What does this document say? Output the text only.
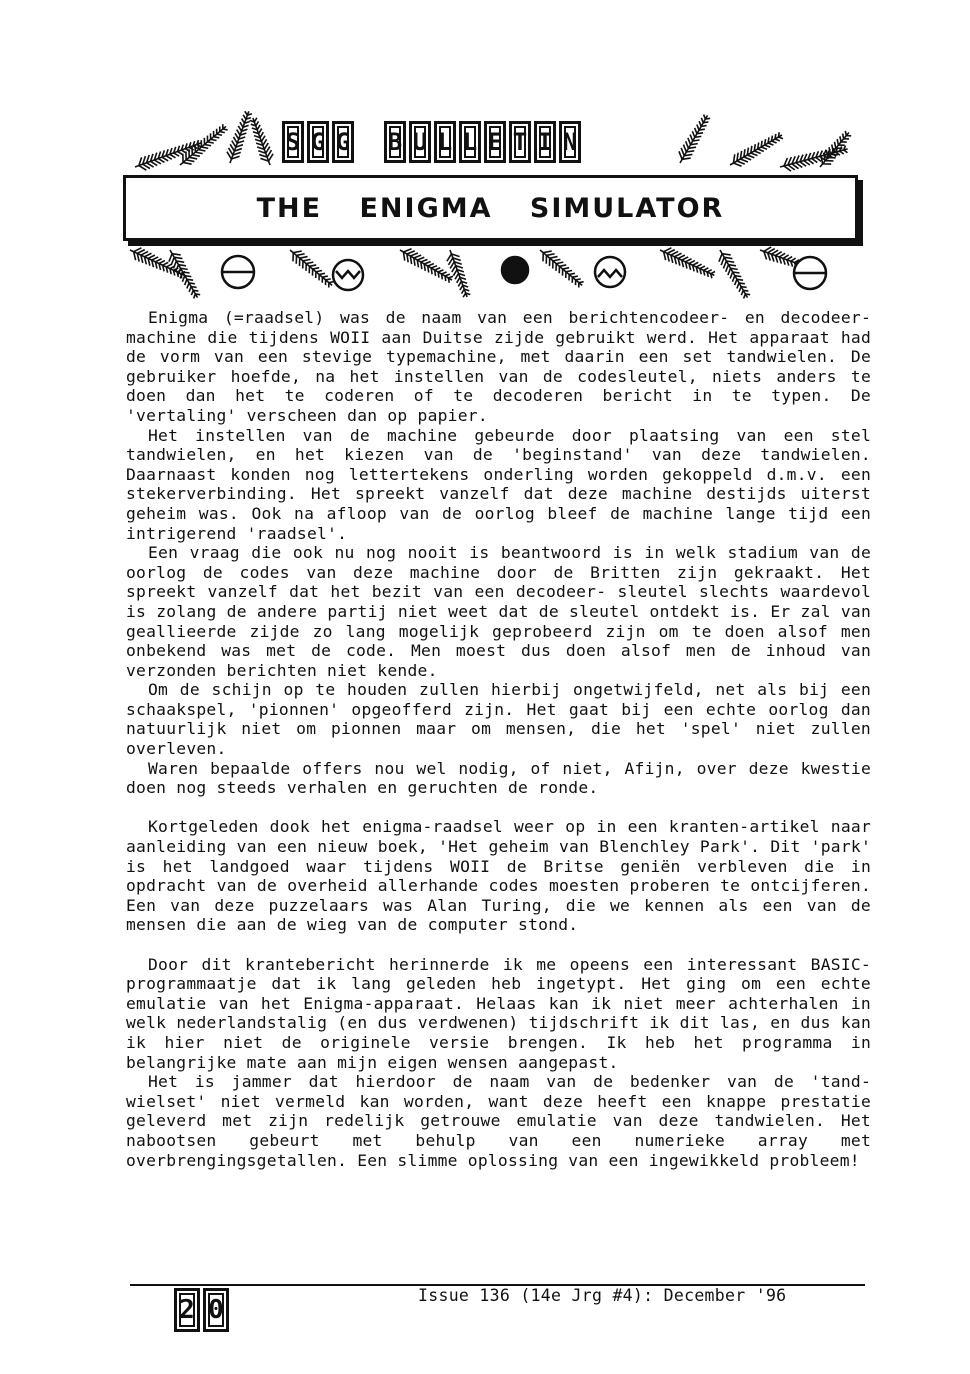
S G G B U L L E T I N
THE ENIGMA SIMULATOR

Enigma (=raadsel) was de naam van een berichtencodeer- en decodeer-machine die tijdens WOII aan Duitse zijde gebruikt werd. Het apparaat had de vorm van een stevige typemachine, met daarin een set tandwielen. De gebruiker hoefde, na het instellen van de codesleutel, niets anders te doen dan het te coderen of te decoderen bericht in te typen. De 'vertaling' verscheen dan op papier.

Het instellen van de machine gebeurde door plaatsing van een stel tandwielen, en het kiezen van de 'beginstand' van deze tandwielen. Daarnaast konden nog lettertekens onderling worden gekoppeld d.m.v. een stekerverbinding. Het spreekt vanzelf dat deze machine destijds uiterst geheim was. Ook na afloop van de oorlog bleef de machine lange tijd een intrigerend 'raadsel'.

Een vraag die ook nu nog nooit is beantwoord is in welk stadium van de oorlog de codes van deze machine door de Britten zijn gekraakt. Het spreekt vanzelf dat het bezit van een decodeer- sleutel slechts waardevol is zolang de andere partij niet weet dat de sleutel ontdekt is. Er zal van geallieerde zijde zo lang mogelijk geprobeerd zijn om te doen alsof men onbekend was met de code. Men moest dus doen alsof men de inhoud van verzonden berichten niet kende.

Om de schijn op te houden zullen hierbij ongetwijfeld, net als bij een schaakspel, 'pionnen' opgeofferd zijn. Het gaat bij een echte oorlog dan natuurlijk niet om pionnen maar om mensen, die het 'spel' niet zullen overleven.

Waren bepaalde offers nou wel nodig, of niet, Afijn, over deze kwestie doen nog steeds verhalen en geruchten de ronde.

Kortgeleden dook het enigma-raadsel weer op in een kranten-artikel naar aanleiding van een nieuw boek, 'Het geheim van Blenchley Park'. Dit 'park' is het landgoed waar tijdens WOII de Britse geniën verbleven die in opdracht van de overheid allerhande codes moesten proberen te ontcijferen. Een van deze puzzelaars was Alan Turing, die we kennen als een van de mensen die aan de wieg van de computer stond.

Door dit krantebericht herinnerde ik me opeens een interessant BASIC-programmaatje dat ik lang geleden heb ingetypt. Het ging om een echte emulatie van het Enigma-apparaat. Helaas kan ik niet meer achterhalen in welk nederlandstalig (en dus verdwenen) tijdschrift ik dit las, en dus kan ik hier niet de originele versie brengen. Ik heb het programma in belangrijke mate aan mijn eigen wensen aangepast.

Het is jammer dat hierdoor de naam van de bedenker van de 'tand- wielset' niet vermeld kan worden, want deze heeft een knappe prestatie geleverd met zijn redelijk getrouwe emulatie van deze tandwielen. Het nabootsen gebeurt met behulp van een numerieke array met overbrengingsgetallen. Een slimme oplossing van een ingewikkeld probleem!

2 0	Issue 136 (14e Jrg #4): December '96
